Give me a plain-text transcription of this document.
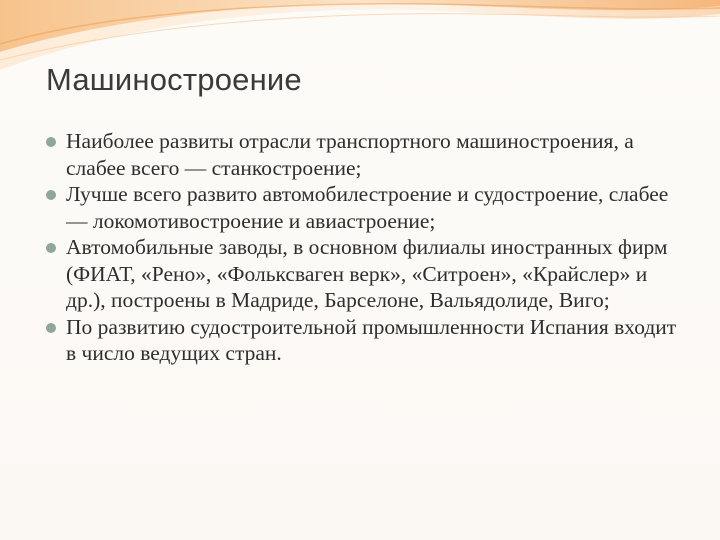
Машиностроение
Наиболее развиты отрасли транспортного машиностроения, а слабее всего — станкостроение;
Лучше всего развито автомобилестроение и судостроение, слабее — локомотивостроение и авиастроение;
Автомобильные заводы, в основном филиалы иностранных фирм (ФИАТ, «Рено», «Фольксваген верк», «Ситроен», «Крайслер» и др.), построены в Мадриде, Барселоне, Вальядолиде, Виго;
По развитию судостроительной промышленности Испания входит в число ведущих стран.
